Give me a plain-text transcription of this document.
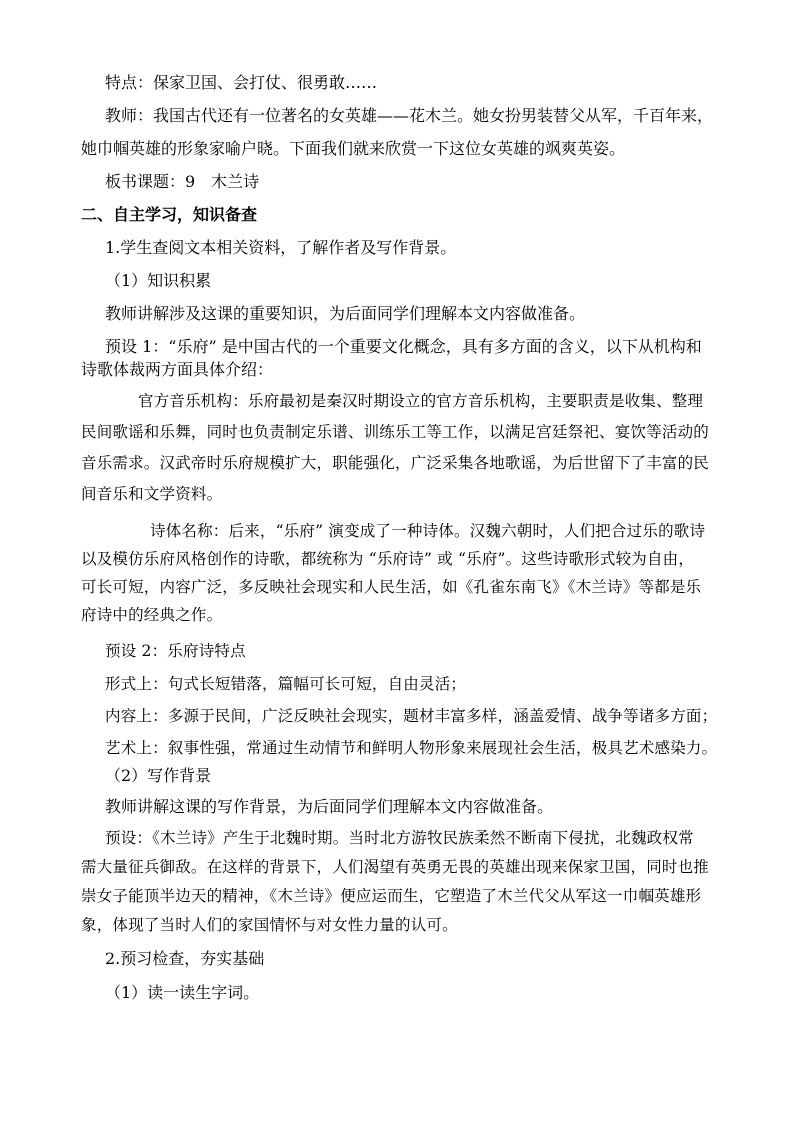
特点：保家卫国、会打仗、很勇敢……
教师：我国古代还有一位著名的女英雄——花木兰。她女扮男装替父从军，千百年来，
她巾帼英雄的形象家喻户晓。下面我们就来欣赏一下这位女英雄的飒爽英姿。
板书课题：9　木兰诗
二、自主学习，知识备查
1.学生查阅文本相关资料，了解作者及写作背景。
（1）知识积累
教师讲解涉及这课的重要知识，为后面同学们理解本文内容做准备。
预设 1：“乐府” 是中国古代的一个重要文化概念，具有多方面的含义，以下从机构和
诗歌体裁两方面具体介绍：
官方音乐机构：乐府最初是秦汉时期设立的官方音乐机构，主要职责是收集、整理
民间歌谣和乐舞，同时也负责制定乐谱、训练乐工等工作，以满足宫廷祭祀、宴饮等活动的
音乐需求。汉武帝时乐府规模扩大，职能强化，广泛采集各地歌谣，为后世留下了丰富的民
间音乐和文学资料。
诗体名称：后来，“乐府” 演变成了一种诗体。汉魏六朝时，人们把合过乐的歌诗
以及模仿乐府风格创作的诗歌，都统称为 “乐府诗” 或 “乐府”。这些诗歌形式较为自由，
可长可短，内容广泛，多反映社会现实和人民生活，如《孔雀东南飞》《木兰诗》等都是乐
府诗中的经典之作。
预设 2：乐府诗特点
形式上：句式长短错落，篇幅可长可短，自由灵活；
内容上：多源于民间，广泛反映社会现实，题材丰富多样，涵盖爱情、战争等诸多方面；
艺术上：叙事性强，常通过生动情节和鲜明人物形象来展现社会生活，极具艺术感染力。
（2）写作背景
教师讲解这课的写作背景，为后面同学们理解本文内容做准备。
预设：《木兰诗》产生于北魏时期。当时北方游牧民族柔然不断南下侵扰，北魏政权常
需大量征兵御敌。在这样的背景下，人们渴望有英勇无畏的英雄出现来保家卫国，同时也推
崇女子能顶半边天的精神，《木兰诗》便应运而生，它塑造了木兰代父从军这一巾帼英雄形
象，体现了当时人们的家国情怀与对女性力量的认可。
2.预习检查，夯实基础
（1）读一读生字词。
